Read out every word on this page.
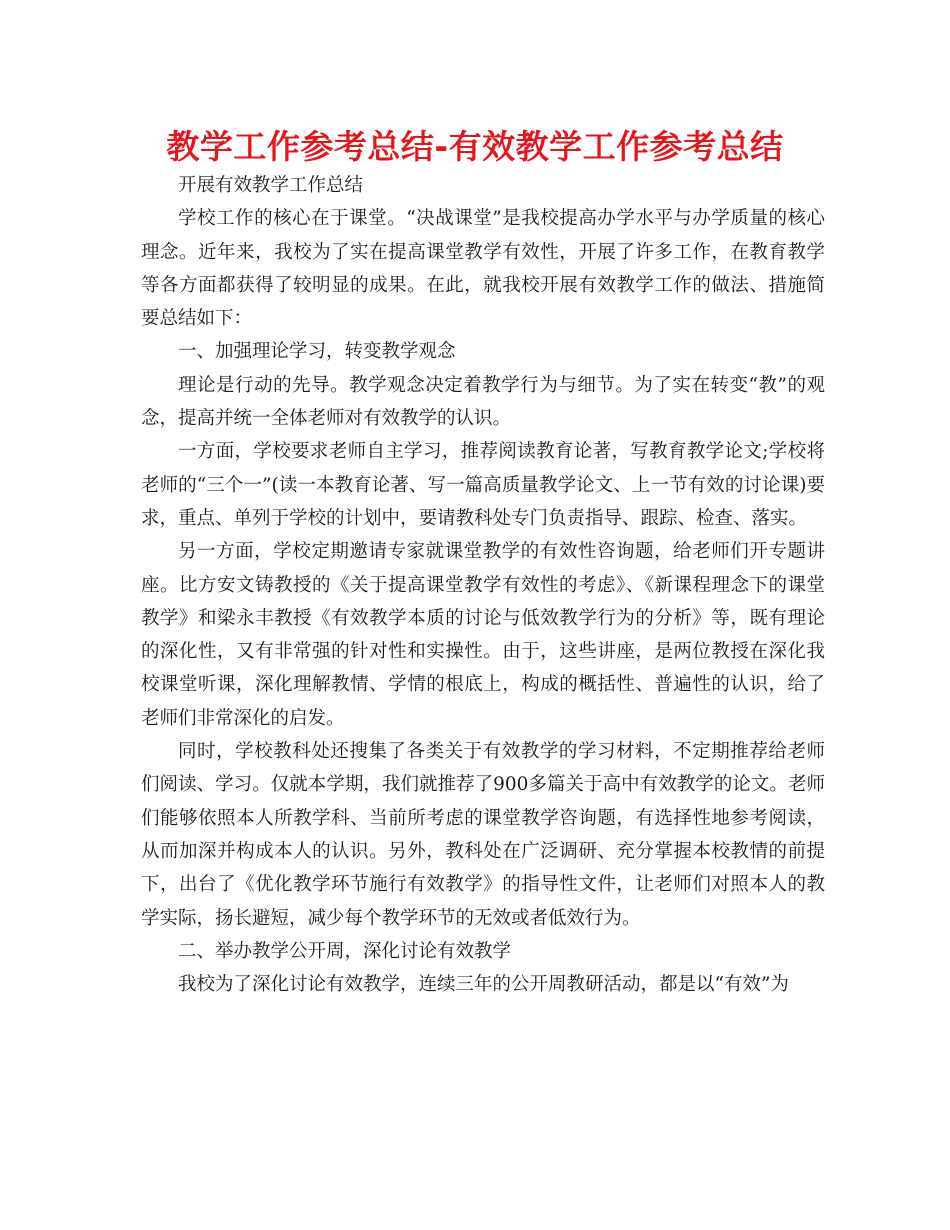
教学工作参考总结-有效教学工作参考总结

开展有效教学工作总结

学校工作的核心在于课堂。“决战课堂”是我校提高办学水平与办学质量的核心理念。近年来，我校为了实在提高课堂教学有效性，开展了许多工作，在教育教学等各方面都获得了较明显的成果。在此，就我校开展有效教学工作的做法、措施简要总结如下：

一、加强理论学习，转变教学观念

理论是行动的先导。教学观念决定着教学行为与细节。为了实在转变“教”的观念，提高并统一全体老师对有效教学的认识。

一方面，学校要求老师自主学习，推荐阅读教育论著，写教育教学论文;学校将老师的“三个一”(读一本教育论著、写一篇高质量教学论文、上一节有效的讨论课)要求，重点、单列于学校的计划中，要请教科处专门负责指导、跟踪、检查、落实。

另一方面，学校定期邀请专家就课堂教学的有效性咨询题，给老师们开专题讲座。比方安文铸教授的《关于提高课堂教学有效性的考虑》、《新课程理念下的课堂教学》和梁永丰教授《有效教学本质的讨论与低效教学行为的分析》等，既有理论的深化性，又有非常强的针对性和实操性。由于，这些讲座，是两位教授在深化我校课堂听课，深化理解教情、学情的根底上，构成的概括性、普遍性的认识，给了老师们非常深化的启发。

同时，学校教科处还搜集了各类关于有效教学的学习材料，不定期推荐给老师们阅读、学习。仅就本学期，我们就推荐了900多篇关于高中有效教学的论文。老师们能够依照本人所教学科、当前所考虑的课堂教学咨询题，有选择性地参考阅读，从而加深并构成本人的认识。另外，教科处在广泛调研、充分掌握本校教情的前提下，出台了《优化教学环节施行有效教学》的指导性文件，让老师们对照本人的教学实际，扬长避短，减少每个教学环节的无效或者低效行为。

二、举办教学公开周，深化讨论有效教学

我校为了深化讨论有效教学，连续三年的公开周教研活动，都是以“有效”为
